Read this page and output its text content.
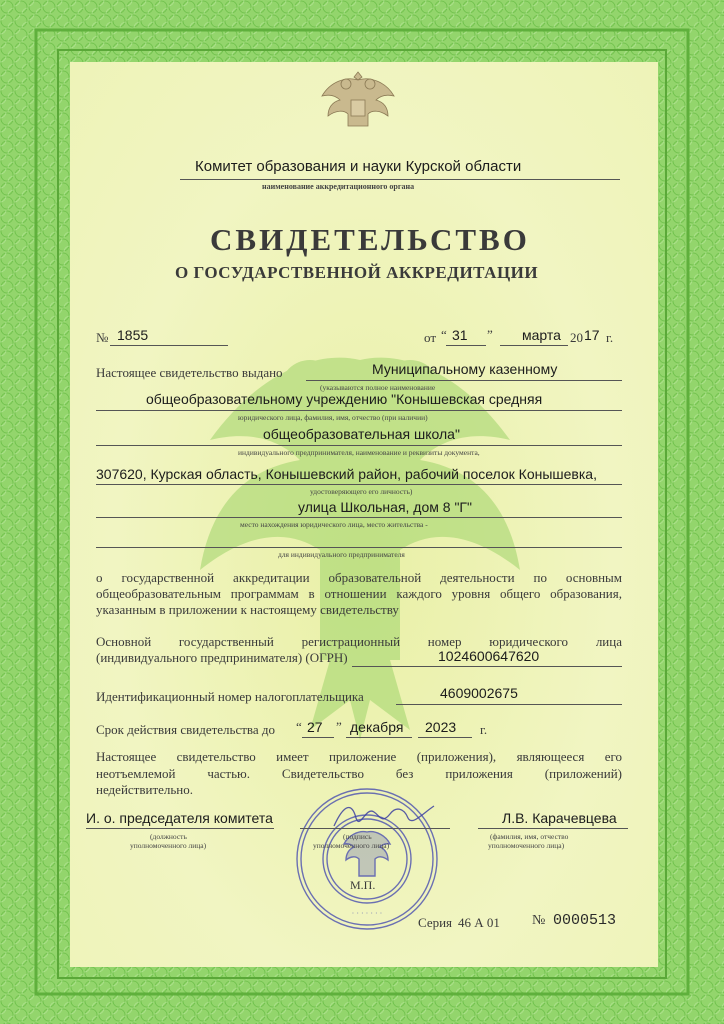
Комитет образования и науки Курской области
наименование аккредитационного органа
СВИДЕТЕЛЬСТВО
О ГОСУДАРСТВЕННОЙ АККРЕДИТАЦИИ
№ 1855	от “ 31 ” марта 20 17 г.
Настоящее свидетельство выдано	Муниципальному казенному
(указываются полное наименование
общеобразовательному учреждению "Конышевская средняя
юридического лица, фамилия, имя, отчество (при наличии)
общеобразовательная школа"
индивидуального предпринимателя, наименование и реквизиты документа,
307620, Курская область, Конышевский район, рабочий поселок Конышевка,
удостоверяющего его личность)
улица Школьная, дом 8 "Г"
место нахождения юридического лица, место жительства -
для индивидуального предпринимателя
о государственной аккредитации образовательной деятельности по основным
общеобразовательным программам в отношении каждого уровня общего образования,
указанным в приложении к настоящему свидетельству
Основной государственный регистрационный номер юридического лица
(индивидуального предпринимателя) (ОГРН)	1024600647620
Идентификационный номер налогоплательщика	4609002675
Срок действия свидетельства до “ 27 ” декабря 2023 г.
Настоящее свидетельство имеет приложение (приложения), являющееся его
неотъемлемой частью. Свидетельство без приложения (приложений)
недействительно.
· · · · · · ·
И. о. председателя комитета
(должность
уполномоченного лица)
(подпись
уполномоченного лица)
Л.В. Карачевцева
(фамилия, имя, отчество
уполномоченного лица)
М.П.
Серия 46 А 01 № 0000513
